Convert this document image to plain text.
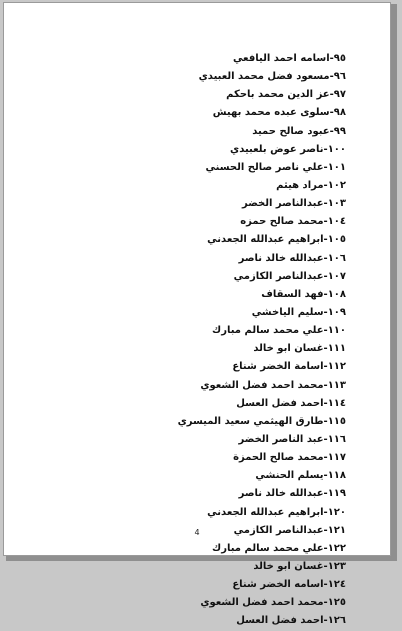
٩٥-اسامه احمد اليافعي
٩٦-مسعود فضل محمد العبيدي
٩٧-عز الدين محمد باحكم
٩٨-سلوى عبده محمد بهيش
٩٩-عبود صالح حميد
١٠٠-ناصر عوض بلعبيدي
١٠١-علي ناصر صالح الحسني
١٠٢-مراد هيثم
١٠٣-عبدالناصر الخضر
١٠٤-محمد صالح حمزه
١٠٥-ابراهيم عبدالله الجعدني
١٠٦-عبدالله خالد ناصر
١٠٧-عبدالناصر الكازمي
١٠٨-فهد السقاف
١٠٩-سليم الياخشي
١١٠-علي محمد سالم مبارك
١١١-غسان ابو خالد
١١٢-اسامة الخضر شناع
١١٣-محمد احمد فضل الشعوي
١١٤-احمد فضل العسل
١١٥-طارق الهيثمي سعيد الميسري
١١٦-عبد الناصر الخضر
١١٧-محمد صالح الحمزة
١١٨-يسلم الحنشي
١١٩-عبدالله خالد ناصر
١٢٠-ابراهيم عبدالله الجعدني
١٢١-عبدالناصر الكازمي
١٢٢-علي محمد سالم مبارك
١٢٣-غسان ابو خالد
١٢٤-اسامه الخضر شناع
١٢٥-محمد احمد فضل الشعوي
١٢٦-احمد فضل العسل
4
